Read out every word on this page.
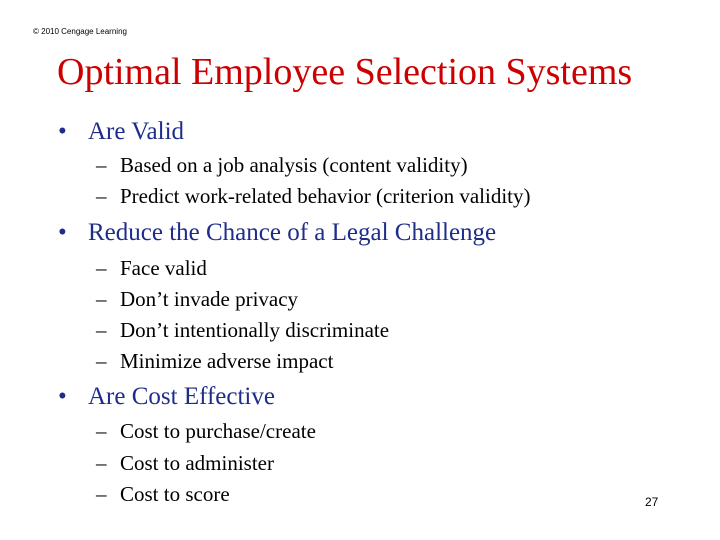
© 2010 Cengage Learning
Optimal Employee Selection Systems
• Are Valid
– Based on a job analysis (content validity)
– Predict work-related behavior (criterion validity)
• Reduce the Chance of a Legal Challenge
– Face valid
– Don’t invade privacy
– Don’t intentionally discriminate
– Minimize adverse impact
• Are Cost Effective
– Cost to purchase/create
– Cost to administer
– Cost to score	27
